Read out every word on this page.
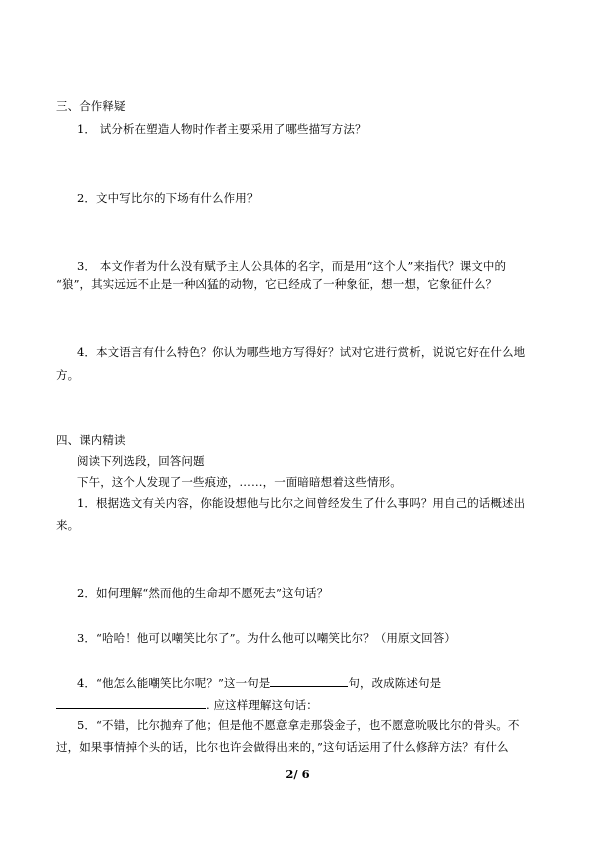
三、合作释疑
1． 试分析在塑造人物时作者主要采用了哪些描写方法？
2．文中写比尔的下场有什么作用？
3． 本文作者为什么没有赋予主人公具体的名字，而是用“这个人”来指代？课文中的
“狼”，其实远远不止是一种凶猛的动物，它已经成了一种象征，想一想，它象征什么？
4．本文语言有什么特色？你认为哪些地方写得好？试对它进行赏析，说说它好在什么地
方。
四、课内精读
阅读下列选段，回答问题
下午，这个人发现了一些痕迹，……，一面暗暗想着这些情形。
1．根据选文有关内容，你能设想他与比尔之间曾经发生了什么事吗？用自己的话概述出
来。
2．如何理解“然而他的生命却不愿死去”这句话？
3．“哈哈！他可以嘲笑比尔了”。为什么他可以嘲笑比尔？（用原文回答）
4．“他怎么能嘲笑比尔呢？”这一句是	句，改成陈述句是
. 应这样理解这句话：
5．“不错，比尔抛弃了他；但是他不愿意拿走那袋金子，也不愿意吮吸比尔的骨头。不
过，如果事情掉个头的话，比尔也许会做得出来的，”这句话运用了什么修辞方法？有什么
2/ 6
